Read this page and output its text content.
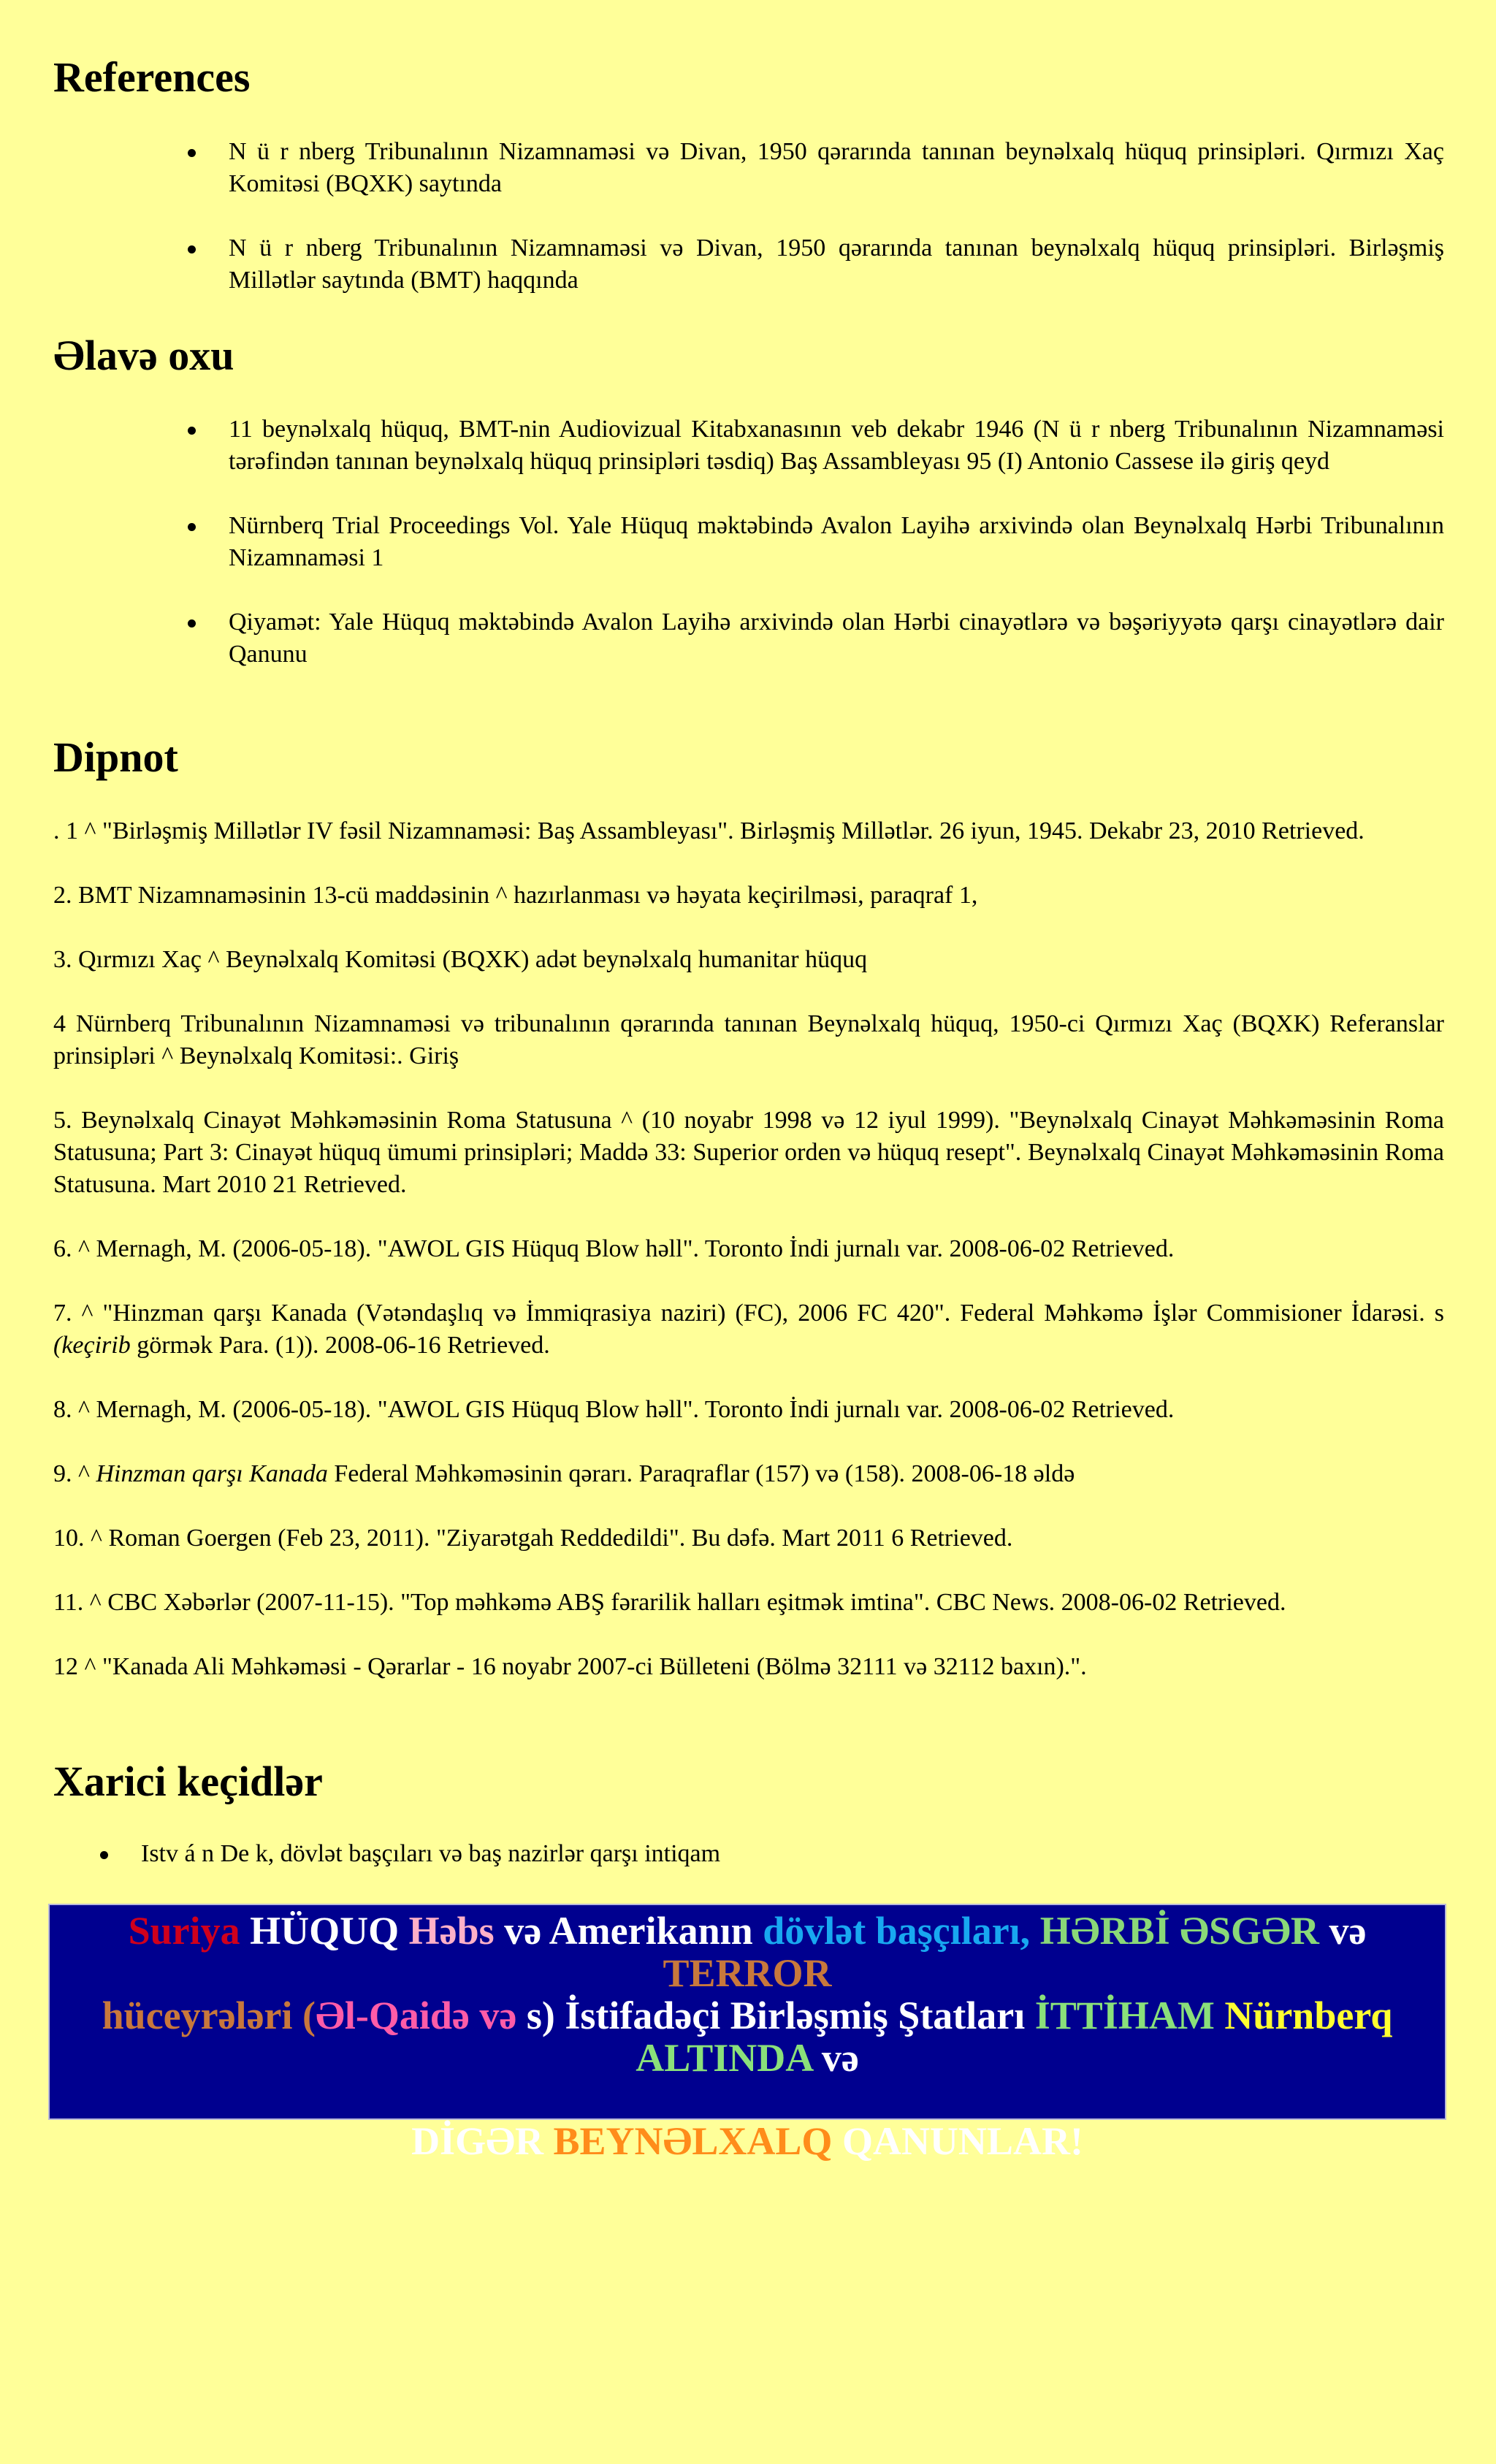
References
N ü r nberg Tribunalının Nizamnaməsi və Divan, 1950 qərarında tanınan beynəlxalq hüquq prinsipləri. Qırmızı Xaç Komitəsi (BQXK) saytında
N ü r nberg Tribunalının Nizamnaməsi və Divan, 1950 qərarında tanınan beynəlxalq hüquq prinsipləri. Birləşmiş Millətlər saytında (BMT) haqqında
Əlavə oxu
11 beynəlxalq hüquq, BMT-nin Audiovizual Kitabxanasının veb dekabr 1946 (N ü r nberg Tribunalının Nizamnaməsi tərəfindən tanınan beynəlxalq hüquq prinsipləri təsdiq) Baş Assambleyası 95 (I) Antonio Cassese ilə giriş qeyd
Nürnberq Trial Proceedings Vol. Yale Hüquq məktəbində Avalon Layihə arxivində olan Beynəlxalq Hərbi Tribunalının Nizamnaməsi 1
Qiyamət: Yale Hüquq məktəbində Avalon Layihə arxivində olan Hərbi cinayətlərə və bəşəriyyətə qarşı cinayətlərə dair Qanunu
Dipnot

. 1 ^ "Birləşmiş Millətlər IV fəsil Nizamnaməsi: Baş Assambleyası". Birləşmiş Millətlər. 26 iyun, 1945. Dekabr 23, 2010 Retrieved.

2. BMT Nizamnaməsinin 13-cü maddəsinin ^ hazırlanması və həyata keçirilməsi, paraqraf 1,

3. Qırmızı Xaç ^ Beynəlxalq Komitəsi (BQXK) adət beynəlxalq humanitar hüquq

4 Nürnberq Tribunalının Nizamnaməsi və tribunalının qərarında tanınan Beynəlxalq hüquq, 1950-ci Qırmızı Xaç (BQXK) Referanslar prinsipləri ^ Beynəlxalq Komitəsi:. Giriş

5. Beynəlxalq Cinayət Məhkəməsinin Roma Statusuna ^ (10 noyabr 1998 və 12 iyul 1999). "Beynəlxalq Cinayət Məhkəməsinin Roma Statusuna; Part 3: Cinayət hüquq ümumi prinsipləri; Maddə 33: Superior orden və hüquq resept". Beynəlxalq Cinayət Məhkəməsinin Roma Statusuna. Mart 2010 21 Retrieved.

6. ^ Mernagh, M. (2006-05-18). "AWOL GIS Hüquq Blow həll". Toronto İndi jurnalı var. 2008-06-02 Retrieved.

7. ^ "Hinzman qarşı Kanada (Vətəndaşlıq və İmmiqrasiya naziri) (FC), 2006 FC 420". Federal Məhkəmə İşlər Commisioner İdarəsi. s (keçirib görmək Para. (1)). 2008-06-16 Retrieved.

8. ^ Mernagh, M. (2006-05-18). "AWOL GIS Hüquq Blow həll". Toronto İndi jurnalı var. 2008-06-02 Retrieved.

9. ^ Hinzman qarşı Kanada Federal Məhkəməsinin qərarı. Paraqraflar (157) və (158). 2008-06-18 əldə

10. ^ Roman Goergen (Feb 23, 2011). "Ziyarətgah Reddedildi". Bu dəfə. Mart 2011 6 Retrieved.

11. ^ CBC Xəbərlər (2007-11-15). "Top məhkəmə ABŞ fərarilik halları eşitmək imtina". CBC News. 2008-06-02 Retrieved.

12 ^ "Kanada Ali Məhkəməsi - Qərarlar - 16 noyabr 2007-ci Bülleteni (Bölmə 32111 və 32112 baxın).".

Xarici keçidlər
Istv á n De k, dövlət başçıları və baş nazirlər qarşı intiqam

Suriya HÜQUQ Həbs və Amerikanın dövlət başçıları, HƏRBİ ƏSGƏR və TERROR
hüceyrələri (Əl-Qaidə və s) İstifadəçi Birləşmiş Ştatları İTTİHAM Nürnberq
ALTINDA və

DİGƏR BEYNƏLXALQ QANUNLAR!
